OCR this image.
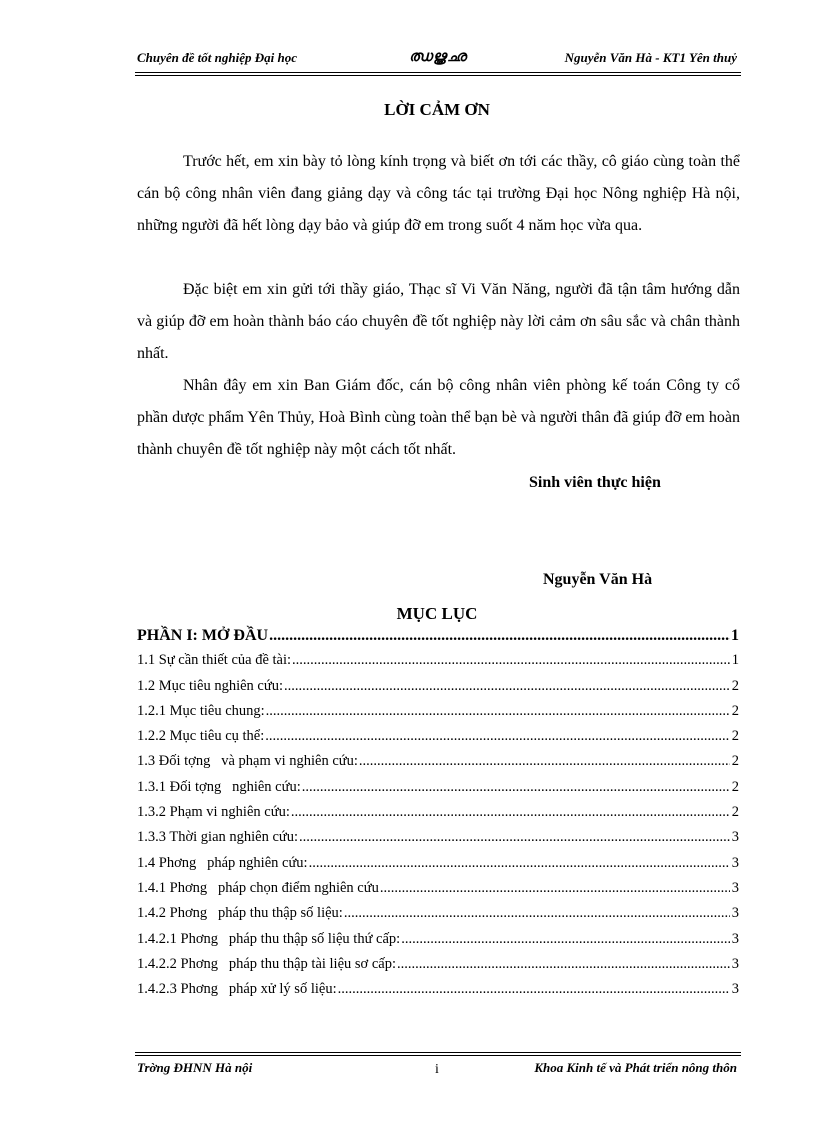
Chuyên đề tốt nghiệp Đại học	ഝൠഛ	Nguyễn Văn Hà - KT1 Yên thuỷ
LỜI CẢM ƠN

Trước hết, em xin bày tỏ lòng kính trọng và biết ơn tới các thầy, cô giáo cùng toàn thể cán bộ công nhân viên đang giảng dạy và công tác tại trường Đại học Nông nghiệp Hà nội, những người đã hết lòng dạy bảo và giúp đỡ em trong suốt 4 năm học vừa qua.

Đặc biệt em xin gửi tới thầy giáo, Thạc sĩ Vi Văn Năng, người đã tận tâm hướng dẫn và giúp đỡ em hoàn thành báo cáo chuyên đề tốt nghiệp này lời cảm ơn sâu sắc và chân thành nhất.

Nhân đây em xin Ban Giám đốc, cán bộ công nhân viên phòng kế toán Công ty cổ phần dược phẩm Yên Thủy, Hoà Bình cùng toàn thể bạn bè và người thân đã giúp đỡ em hoàn thành chuyên đề tốt nghiệp này một cách tốt nhất.

Sinh viên thực hiện
Nguyễn Văn Hà
MỤC LỤC
PHẦN I: MỞ ĐẦU .....	1
1.1 Sự cần thiết của đề tài: .....	1
1.2 Mục tiêu nghiên cứu: .....	2
1.2.1 Mục tiêu chung: .....	2
1.2.2 Mục tiêu cụ thể: .....	2
1.3 Đối tợng   và phạm vi nghiên cứu: .....	2
1.3.1 Đối tợng   nghiên cứu: .....	2
1.3.2 Phạm vi nghiên cứu: .....	2
1.3.3 Thời gian nghiên cứu: .....	3
1.4 Phơng   pháp nghiên cứu: .....	3
1.4.1 Phơng   pháp chọn điểm nghiên cứu .....	3
1.4.2 Phơng   pháp thu thập số liệu: .....	3
1.4.2.1 Phơng   pháp thu thập số liệu thứ cấp: .....	3
1.4.2.2 Phơng   pháp thu thập tài liệu sơ cấp: .....	3
1.4.2.3 Phơng   pháp xử lý số liệu: .....	3
Trờng ĐHNN Hà nội	i	Khoa Kinh tế và Phát triển nông thôn
